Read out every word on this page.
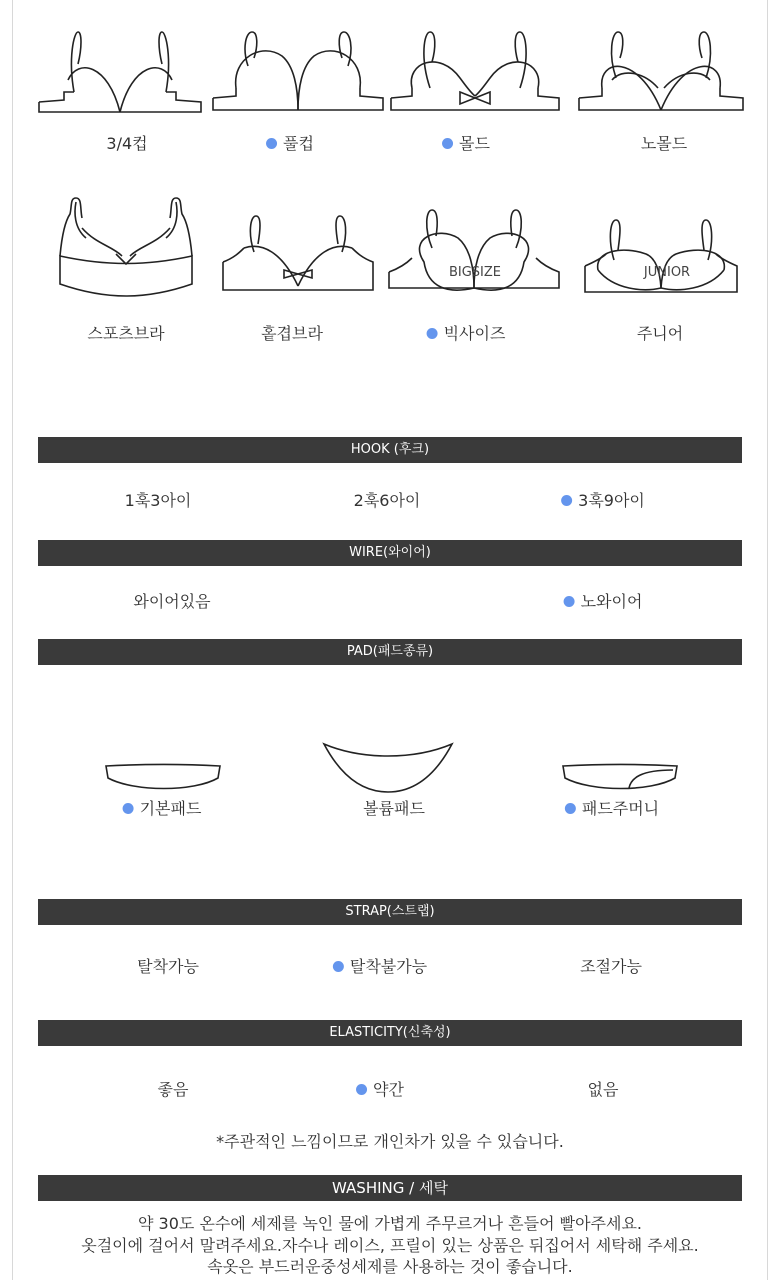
3/4컵	풀컵	몰드	노몰드
BIGSIZE	JUNIOR
스포츠브라	홑겹브라	빅사이즈	주니어
HOOK (후크)
1훅3아이	2훅6아이	3훅9아이
WIRE(와이어)
와이어있음	노와이어
PAD(패드종류)
기본패드	볼륨패드	패드주머니
STRAP(스트랩)
탈착가능	탈착불가능	조절가능
ELASTICITY(신축성)
좋음	약간	없음
*주관적인 느낌이므로 개인차가 있을 수 있습니다.
WASHING / 세탁
약 30도 온수에 세제를 녹인 물에 가볍게 주무르거나 흔들어 빨아주세요.
옷걸이에 걸어서 말려주세요.자수나 레이스, 프릴이 있는 상품은 뒤집어서 세탁해 주세요.
속옷은 부드러운중성세제를 사용하는 것이 좋습니다.
